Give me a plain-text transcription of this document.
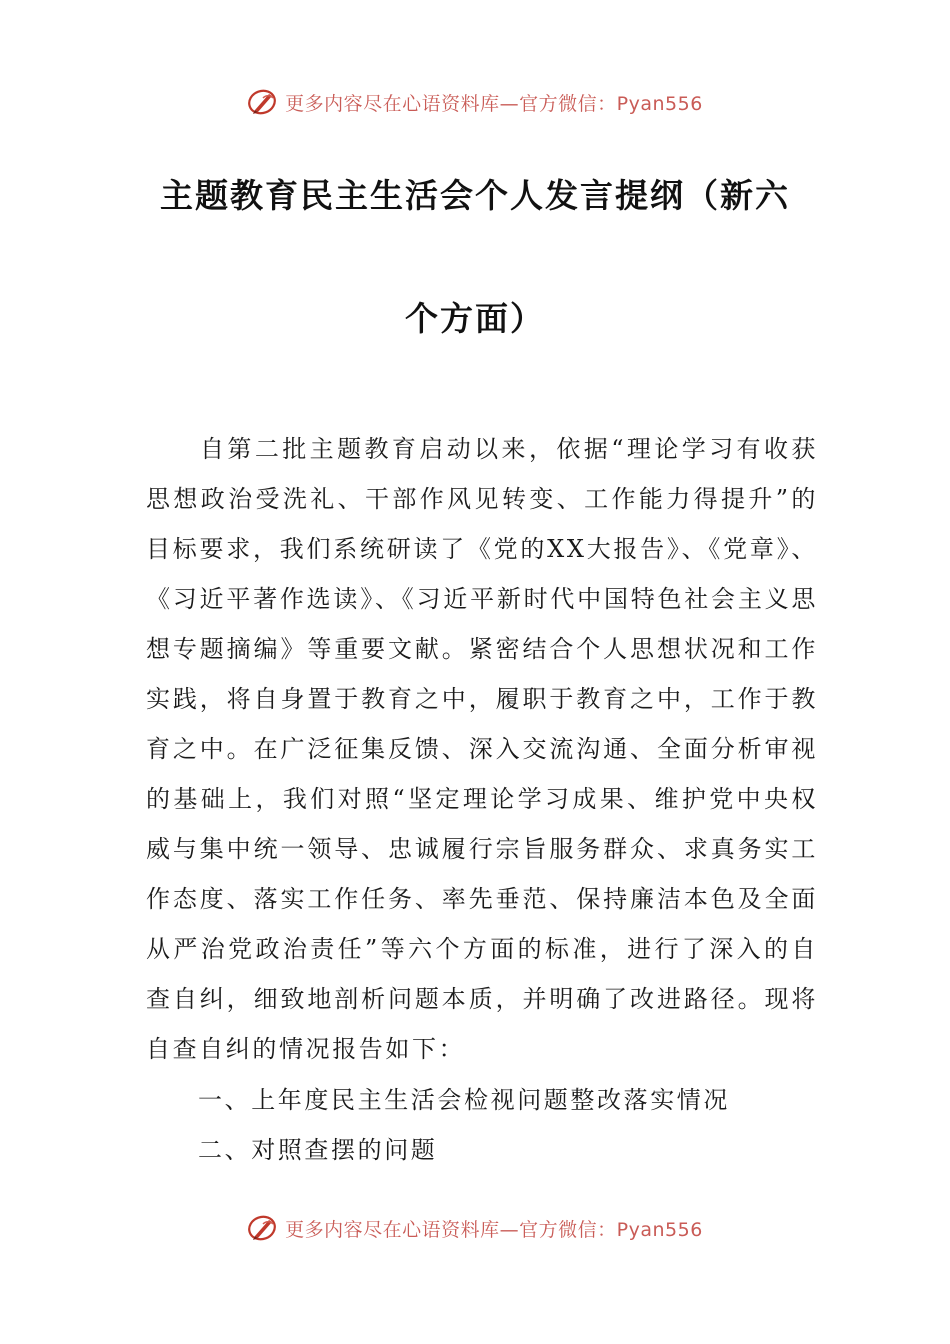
更多内容尽在心语资料库—官方微信：Pyan556
主题教育民主生活会个人发言提纲（新六
个方面）

自第二批主题教育启动以来，依据“理论学习有收获思想政治受洗礼、干部作风见转变、工作能力得提升”的目标要求，我们系统研读了《党的XX大报告》、《党章》、《习近平著作选读》、《习近平新时代中国特色社会主义思想专题摘编》等重要文献。紧密结合个人思想状况和工作实践，将自身置于教育之中，履职于教育之中，工作于教育之中。在广泛征集反馈、深入交流沟通、全面分析审视的基础上，我们对照“坚定理论学习成果、维护党中央权威与集中统一领导、忠诚履行宗旨服务群众、求真务实工作态度、落实工作任务、率先垂范、保持廉洁本色及全面从严治党政治责任”等六个方面的标准，进行了深入的自查自纠，细致地剖析问题本质，并明确了改进路径。现将自查自纠的情况报告如下：

一、上年度民主生活会检视问题整改落实情况
二、对照查摆的问题
更多内容尽在心语资料库—官方微信：Pyan556
